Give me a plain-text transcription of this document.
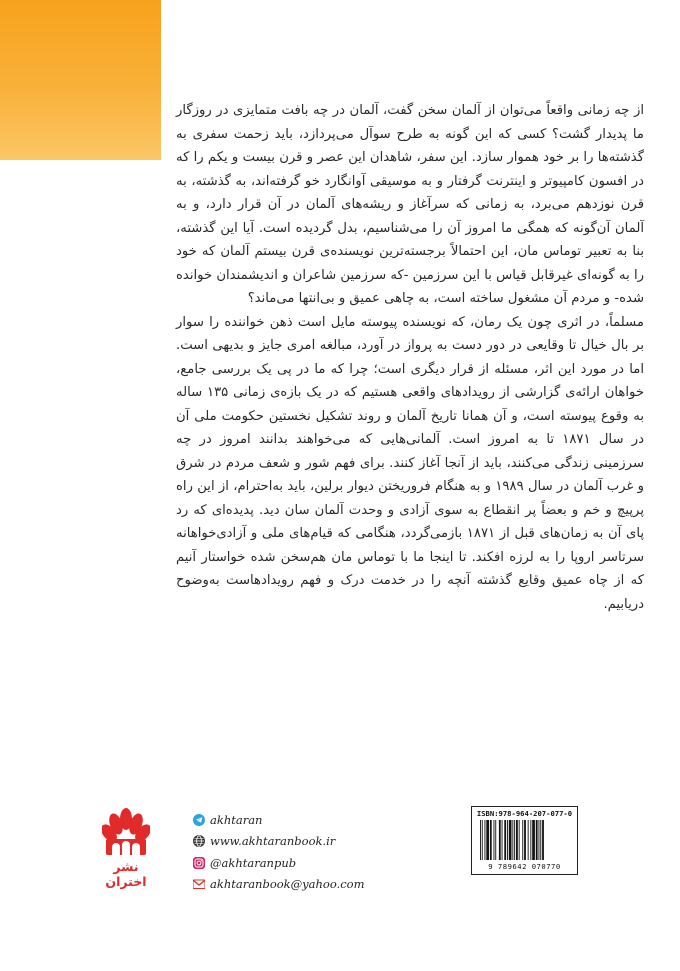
از چه زمانی واقعاً می‌توان از آلمان سخن گفت، آلمان در چه بافت متمایزی در روزگار ما پدیدار گشت؟ کسی که این گونه به طرح سوآل می‌پردازد، باید زحمت سفری به گذشته‌ها را بر خود هموار سازد. این سفر، شاهدان این عصر و قرن بیست و یکم را که در افسون کامپیوتر و اینترنت گرفتار و به موسیقی آوانگارد خو گرفته‌اند، به گذشته، به قرن نوزدهم می‌برد، به زمانی که سرآغاز و ریشه‌های آلمان در آن قرار دارد، و به آلمان آن‌گونه که همگی ما امروز آن را می‌شناسیم، بدل گردیده است. آیا این گذشته، بنا به تعبیر توماس مان، این احتمالاً برجسته‌ترین نویسنده‌ی قرن بیستم آلمان که خود را به گونه‌ای غیرقابل قیاس با این سرزمین -که سرزمین شاعران و اندیشمندان خوانده شده- و مردم آن مشغول ساخته است، به چاهی عمیق و بی‌انتها می‌ماند؟

مسلماً، در اثری چون یک رمان، که نویسنده پیوسته مایل است ذهن خواننده را سوار بر بال خیال تا وقایعی در دور دست به پرواز در آورد، مبالغه امری جایز و بدیهی است. اما در مورد این اثر، مسئله از قرار دیگری است؛ چرا که ما در پی یک بررسی جامع، خواهان ارائه‌ی گزارشی از رویدادهای واقعی هستیم که در یک بازه‌ی زمانی ۱۳۵ ساله به وقوع پیوسته است، و آن همانا تاریخ آلمان و روند تشکیل نخستین حکومت ملی آن در سال ۱۸۷۱ تا به امروز است. آلمانی‌هایی که می‌خواهند بدانند امروز در چه سرزمینی زندگی می‌کنند، باید از آنجا آغاز کنند. برای فهم شور و شعف مردم در شرق و غرب آلمان در سال ۱۹۸۹ و به هنگام فروریختن دیوار برلین، باید به‌احترام، از این راه پرپیچ و خم و بعضاً پر انقطاع به سوی آزادی و وحدت آلمان سان دید. پدیده‌ای که رد پای آن به زمان‌های قبل از ۱۸۷۱ بازمی‌گردد، هنگامی که قیام‌های ملی و آزادی‌خواهانه سرتاسر اروپا را به لرزه افکند. تا اینجا ما با توماس مان هم‌سخن شده خواستار آنیم که از چاه عمیق وقایع گذشته آنچه را در خدمت درک و فهم رویدادهاست به‌وضوح دریابیم.

نشر اختران
akhtaran
www.akhtaranbook.ir
@akhtaranpub
akhtaranbook@yahoo.com
ISBN:978-964-207-077-0
9 789642 070770
